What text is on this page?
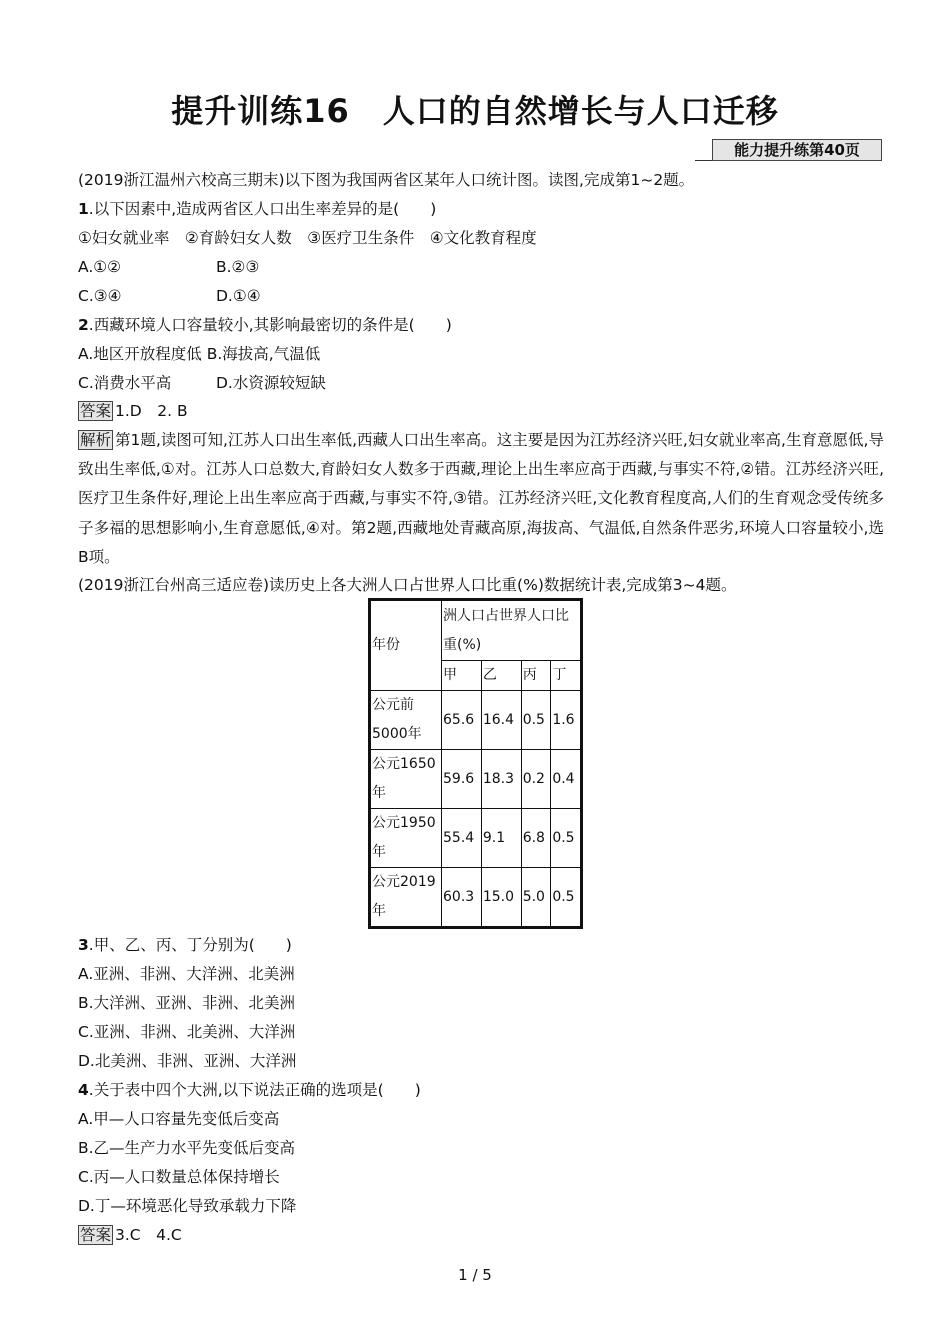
提升训练16　人口的自然增长与人口迁移
能力提升练第40页
(2019浙江温州六校高三期末)以下图为我国两省区某年人口统计图。读图,完成第1~2题。
1.以下因素中,造成两省区人口出生率差异的是(　　)
①妇女就业率　②育龄妇女人数　③医疗卫生条件　④文化教育程度
A.①②	B.②③
C.③④	D.①④
2.西藏环境人口容量较小,其影响最密切的条件是(　　)
A.地区开放程度低 B.海拔高,气温低
C.消费水平高	D.水资源较短缺
答案 1.D　2. B
解析 第1题,读图可知,江苏人口出生率低,西藏人口出生率高。这主要是因为江苏经济兴旺,妇女就业率高,生育意愿低,导致出生率低,①对。江苏人口总数大,育龄妇女人数多于西藏,理论上出生率应高于西藏,与事实不符,②错。江苏经济兴旺,医疗卫生条件好,理论上出生率应高于西藏,与事实不符,③错。江苏经济兴旺,文化教育程度高,人们的生育观念受传统多子多福的思想影响小,生育意愿低,④对。第2题,西藏地处青藏高原,海拔高、气温低,自然条件恶劣,环境人口容量较小,选B项。
(2019浙江台州高三适应卷)读历史上各大洲人口占世界人口比重(%)数据统计表,完成第3~4题。
年份	洲人口占世界人口比重(%)			
	甲	乙	丙	丁
公元前5000年	65.6	16.4	0.5	1.6
公元1650年	59.6	18.3	0.2	0.4
公元1950年	55.4	9.1	6.8	0.5
公元2019年	60.3	15.0	5.0	0.5
3.甲、乙、丙、丁分别为(　　)
A.亚洲、非洲、大洋洲、北美洲
B.大洋洲、亚洲、非洲、北美洲
C.亚洲、非洲、北美洲、大洋洲
D.北美洲、非洲、亚洲、大洋洲
4.关于表中四个大洲,以下说法正确的选项是(　　)
A.甲—人口容量先变低后变高
B.乙—生产力水平先变低后变高
C.丙—人口数量总体保持增长
D.丁—环境恶化导致承载力下降
答案 3.C　4.C
1 / 5
